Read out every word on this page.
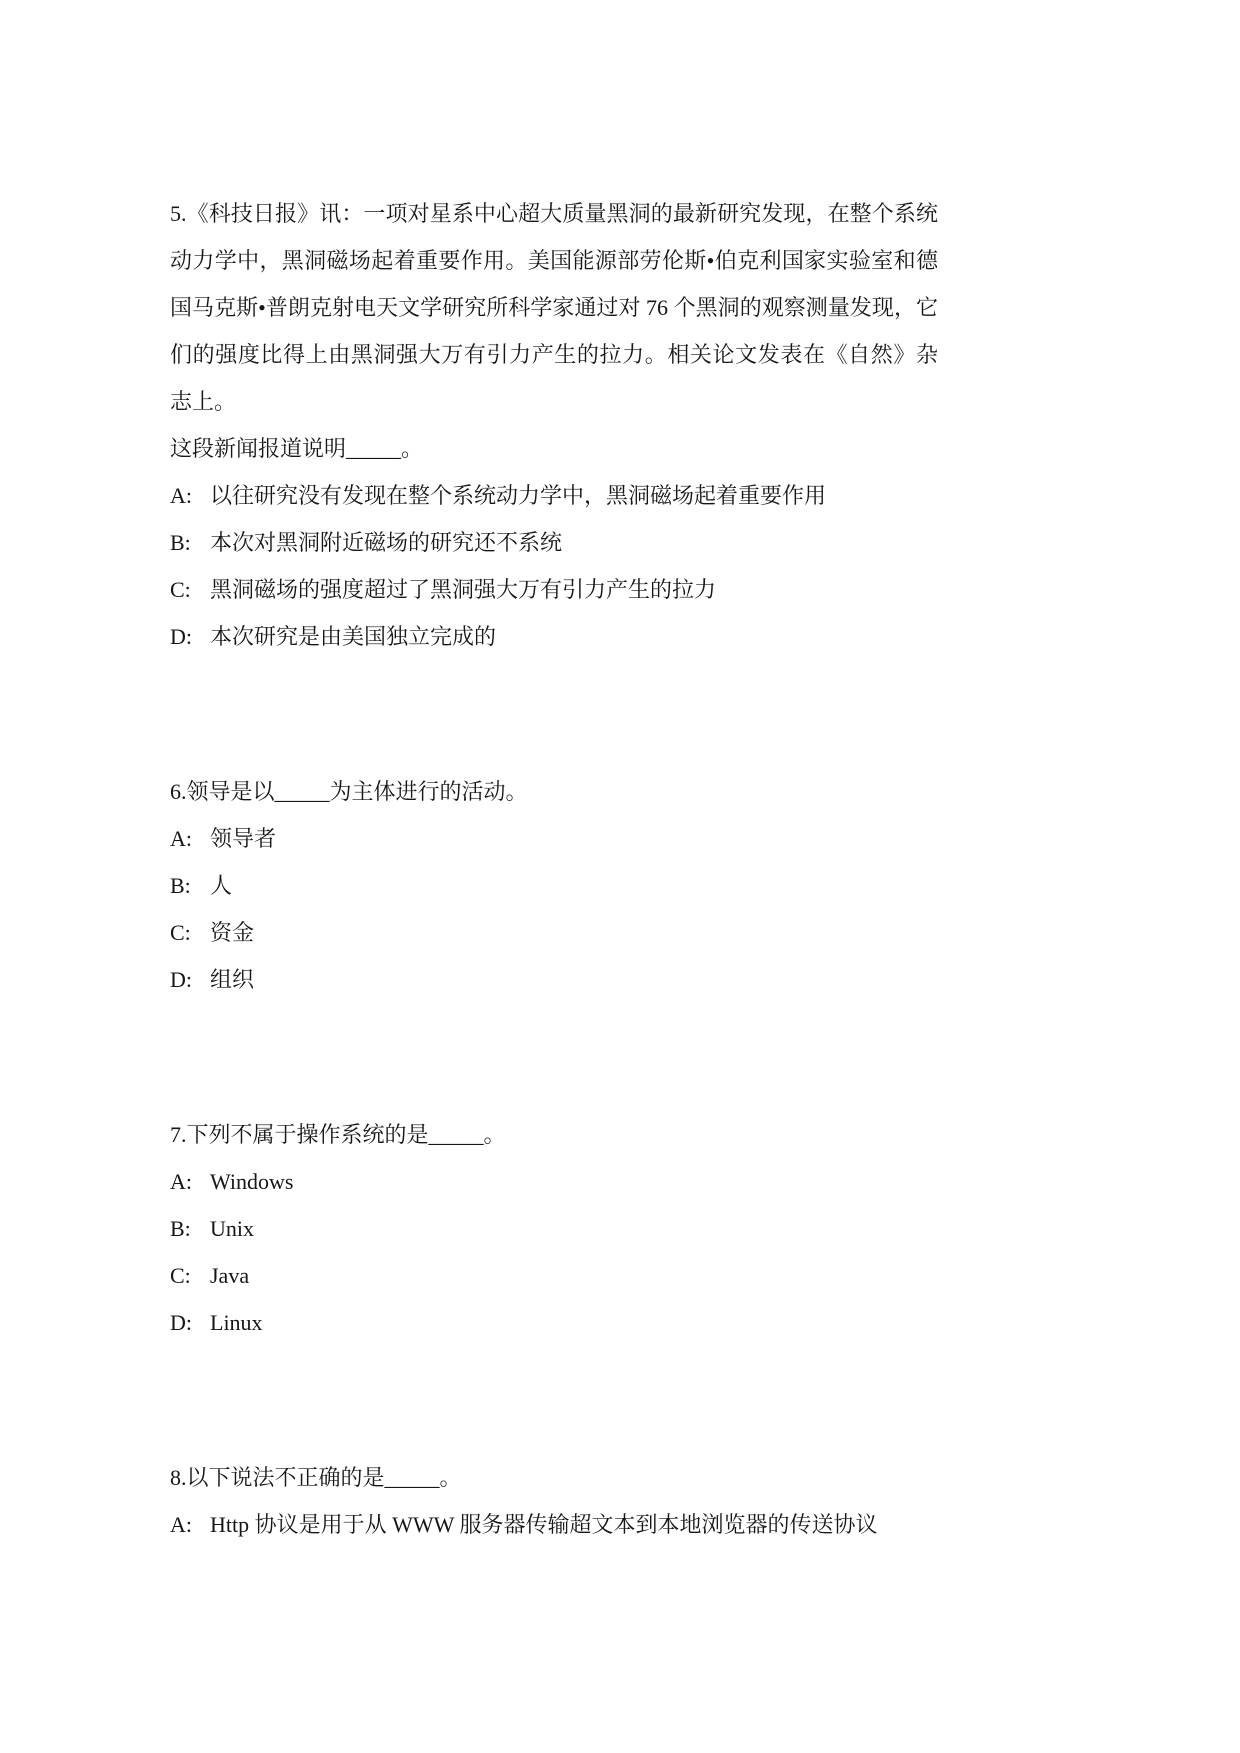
5.《科技日报》讯：一项对星系中心超大质量黑洞的最新研究发现，在整个系统动力学中，黑洞磁场起着重要作用。美国能源部劳伦斯•伯克利国家实验室和德国马克斯•普朗克射电天文学研究所科学家通过对 76 个黑洞的观察测量发现，它们的强度比得上由黑洞强大万有引力产生的拉力。相关论文发表在《自然》杂志上。

这段新闻报道说明_____。

A: 以往研究没有发现在整个系统动力学中，黑洞磁场起着重要作用

B: 本次对黑洞附近磁场的研究还不系统

C: 黑洞磁场的强度超过了黑洞强大万有引力产生的拉力

D: 本次研究是由美国独立完成的

6.领导是以_____为主体进行的活动。

A: 领导者

B: 人

C: 资金

D: 组织

7.下列不属于操作系统的是_____。

A: Windows

B: Unix

C: Java

D: Linux

8.以下说法不正确的是_____。

A: Http 协议是用于从 WWW 服务器传输超文本到本地浏览器的传送协议
